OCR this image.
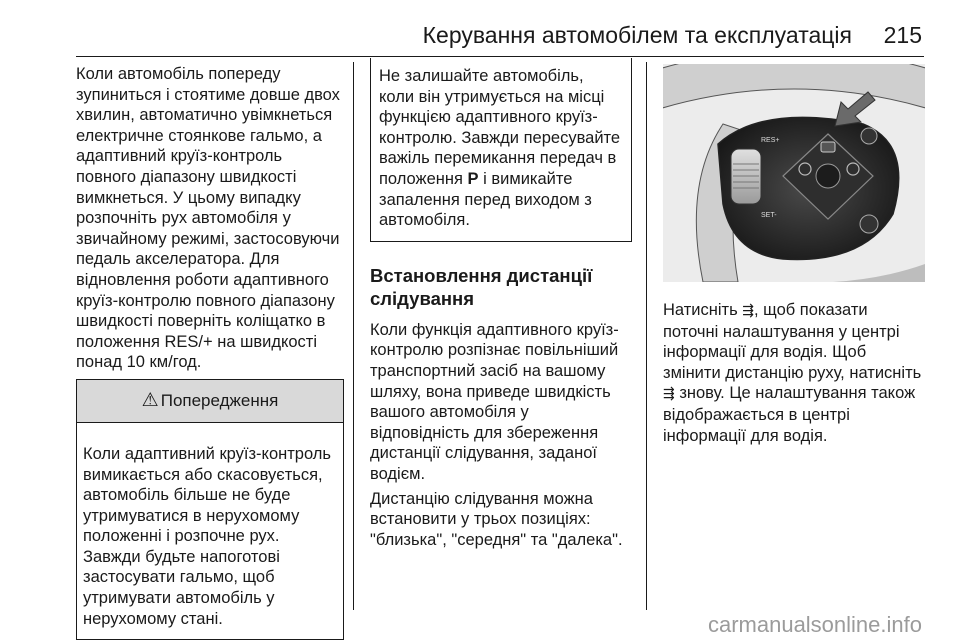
Керування автомобілем та експлуатація 215

Коли автомобіль попереду зупиниться і стоятиме довше двох хвилин, автоматично увімкнеться електричне стоянкове гальмо, а адаптивний круїз-контроль повного діапазону швидкості вимкнеться. У цьому випадку розпочніть рух автомобіля у звичайному режимі, застосовуючи педаль акселератора. Для відновлення роботи адаптивного круїз-контролю повного діапазону швидкості поверніть коліщатко в положення RES/+ на швидкості понад 10 км/год.

⚠ Попередження
Коли адаптивний круїз-контроль вимикається або скасовується, автомобіль більше не буде утримуватися в нерухомому положенні і розпочне рух. Завжди будьте напоготові застосувати гальмо, щоб утримувати автомобіль у нерухомому стані.
Не залишайте автомобіль, коли він утримується на місці функцією адаптивного круїз-контролю. Завжди пересувайте важіль перемикання передач в положення P і вимикайте запалення перед виходом з автомобіля.
Встановлення дистанції слідування

Коли функція адаптивного круїз-контролю розпізнає повільніший транспортний засіб на вашому шляху, вона приведе швидкість вашого автомобіля у відповідність для збереження дистанції слідування, заданої водієм.

Дистанцію слідування можна встановити у трьох позиціях: "близька", "середня" та "далека".

RES+
SET-

Натисніть ⇶, щоб показати поточні налаштування у центрі інформації для водія. Щоб змінити дистанцію руху, натисніть ⇶ знову. Це налаштування також відображається в центрі інформації для водія.

carmanualsonline.info
